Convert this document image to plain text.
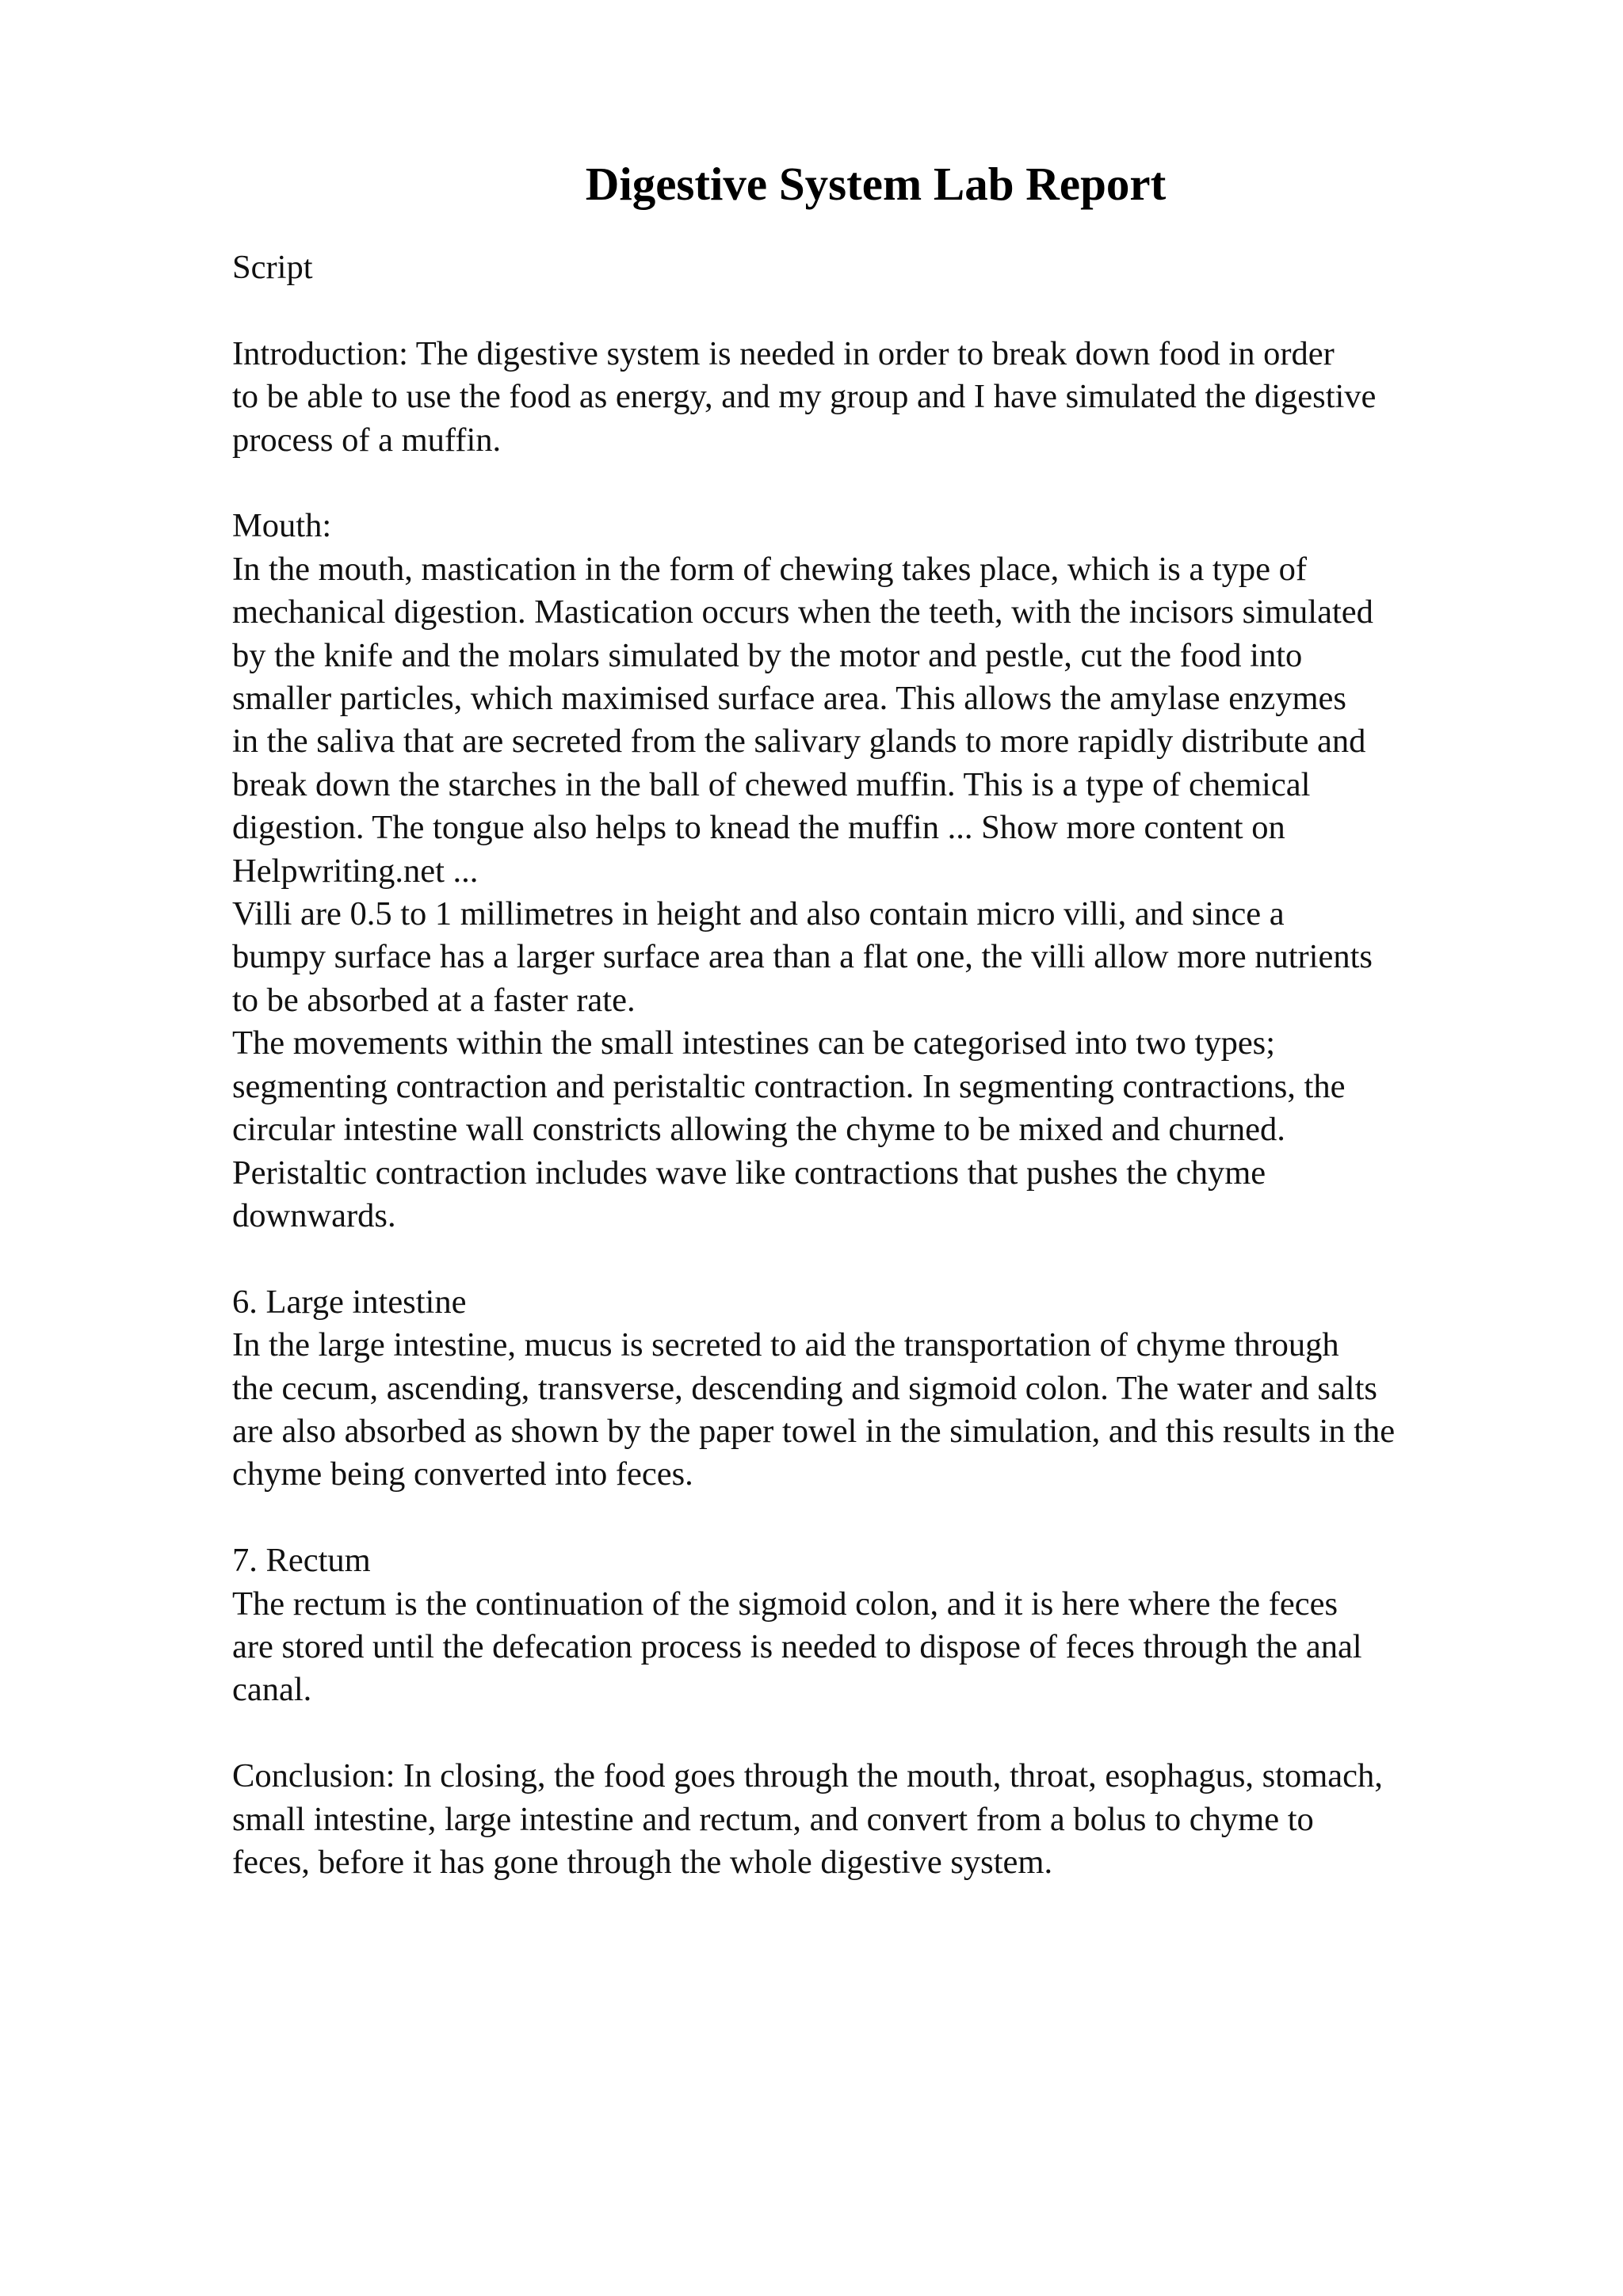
Digestive System Lab Report

Script

Introduction: The digestive system is needed in order to break down food in order
to be able to use the food as energy, and my group and I have simulated the digestive
process of a muffin.

Mouth:
In the mouth, mastication in the form of chewing takes place, which is a type of
mechanical digestion. Mastication occurs when the teeth, with the incisors simulated
by the knife and the molars simulated by the motor and pestle, cut the food into
smaller particles, which maximised surface area. This allows the amylase enzymes
in the saliva that are secreted from the salivary glands to more rapidly distribute and
break down the starches in the ball of chewed muffin. This is a type of chemical
digestion. The tongue also helps to knead the muffin ... Show more content on
Helpwriting.net ...
Villi are 0.5 to 1 millimetres in height and also contain micro villi, and since a
bumpy surface has a larger surface area than a flat one, the villi allow more nutrients
to be absorbed at a faster rate.
The movements within the small intestines can be categorised into two types;
segmenting contraction and peristaltic contraction. In segmenting contractions, the
circular intestine wall constricts allowing the chyme to be mixed and churned.
Peristaltic contraction includes wave like contractions that pushes the chyme
downwards.

6. Large intestine
In the large intestine, mucus is secreted to aid the transportation of chyme through
the cecum, ascending, transverse, descending and sigmoid colon. The water and salts
are also absorbed as shown by the paper towel in the simulation, and this results in the
chyme being converted into feces.

7. Rectum
The rectum is the continuation of the sigmoid colon, and it is here where the feces
are stored until the defecation process is needed to dispose of feces through the anal
canal.

Conclusion: In closing, the food goes through the mouth, throat, esophagus, stomach,
small intestine, large intestine and rectum, and convert from a bolus to chyme to
feces, before it has gone through the whole digestive system.
